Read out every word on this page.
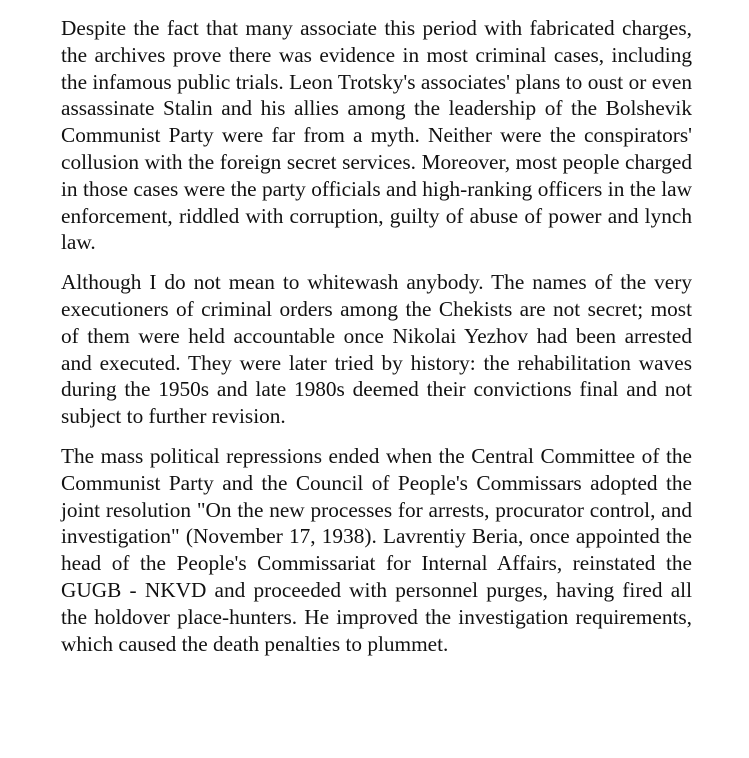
Despite the fact that many associate this period with fabricated charges, the archives prove there was evidence in most criminal cases, including the infamous public trials. Leon Trotsky's associates' plans to oust or even assassinate Stalin and his allies among the leadership of the Bolshevik Communist Party were far from a myth. Neither were the conspirators' collusion with the foreign secret services. Moreover, most people charged in those cases were the party officials and high-ranking officers in the law enforcement, riddled with corruption, guilty of abuse of power and lynch law.

Although I do not mean to whitewash anybody. The names of the very executioners of criminal orders among the Chekists are not secret; most of them were held accountable once Nikolai Yezhov had been arrested and executed. They were later tried by history: the rehabilitation waves during the 1950s and late 1980s deemed their convictions final and not subject to further revision.

The mass political repressions ended when the Central Committee of the Communist Party and the Council of People's Commissars adopted the joint resolution "On the new processes for arrests, procurator control, and investigation" (November 17, 1938). Lavrentiy Beria, once appointed the head of the People's Commissariat for Internal Affairs, reinstated the GUGB - NKVD and proceeded with personnel purges, having fired all the holdover place-hunters. He improved the investigation requirements, which caused the death penalties to plummet.
